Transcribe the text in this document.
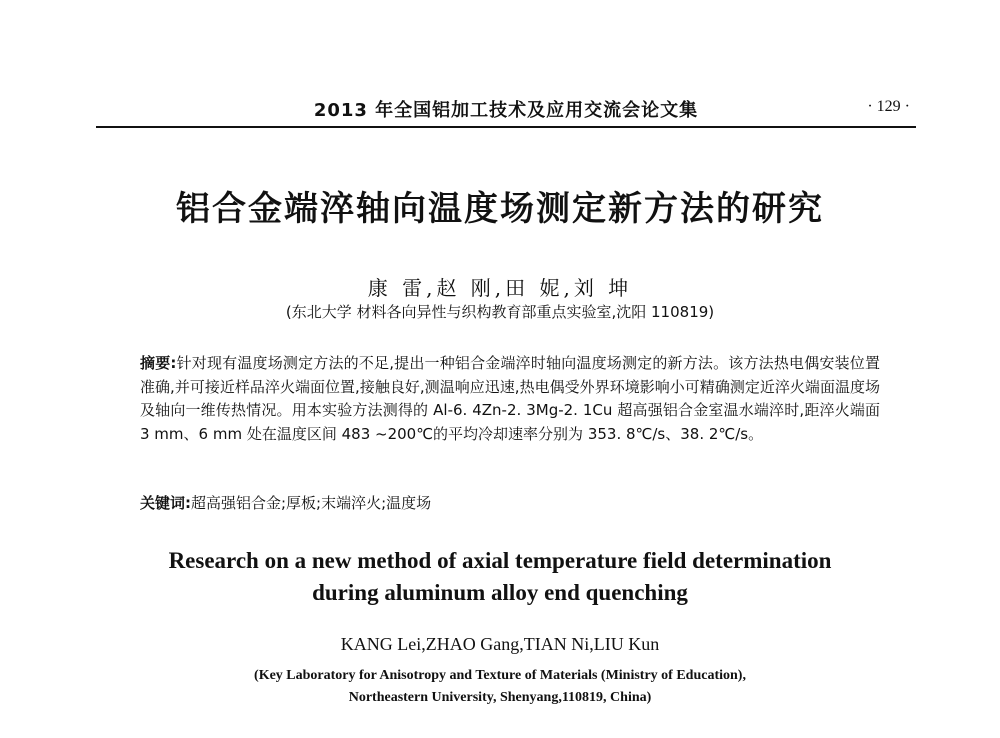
2013 年全国铝加工技术及应用交流会论文集	· 129 ·
铝合金端淬轴向温度场测定新方法的研究
康 雷,赵 刚,田 妮,刘 坤
(东北大学 材料各向异性与织构教育部重点实验室,沈阳 110819)
摘要:针对现有温度场测定方法的不足,提出一种铝合金端淬时轴向温度场测定的新方法。该方法热电偶安装位置准确,并可接近样品淬火端面位置,接触良好,测温响应迅速,热电偶受外界环境影响小可精确测定近淬火端面温度场及轴向一维传热情况。用本实验方法测得的 Al-6. 4Zn-2. 3Mg-2. 1Cu 超高强铝合金室温水端淬时,距淬火端面 3 mm、6 mm 处在温度区间 483 ~200℃的平均冷却速率分别为 353. 8℃/s、38. 2℃/s。
关键词:超高强铝合金;厚板;末端淬火;温度场
Research on a new method of axial temperature field determination
during aluminum alloy end quenching
KANG Lei,ZHAO Gang,TIAN Ni,LIU Kun
(Key Laboratory for Anisotropy and Texture of Materials (Ministry of Education),
Northeastern University, Shenyang,110819, China)
